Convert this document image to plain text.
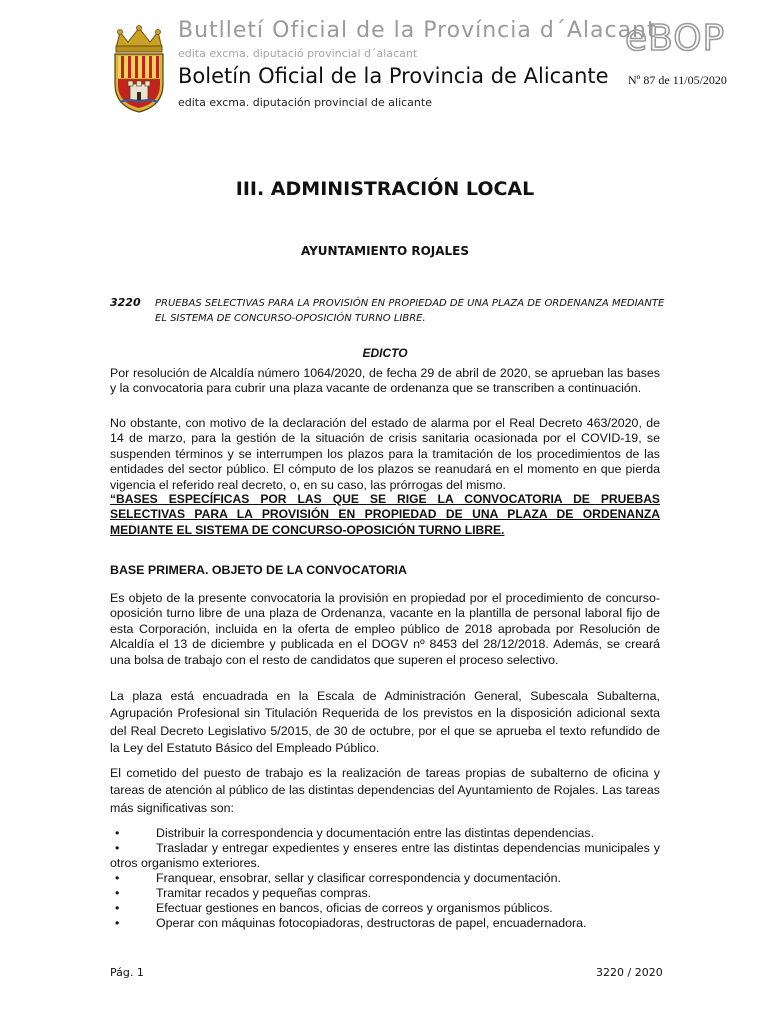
Butlletí Oficial de la Província d´Alacant
edita excma. diputació provincial d´alacant
Boletín Oficial de la Provincia de Alicante
edita excma. diputación provincial de alicante
eBOP
Nº 87 de 11/05/2020
III. ADMINISTRACIÓN LOCAL
AYUNTAMIENTO ROJALES
3220 PRUEBAS SELECTIVAS PARA LA PROVISIÓN EN PROPIEDAD DE UNA PLAZA DE ORDENANZA MEDIANTE EL SISTEMA DE CONCURSO-OPOSICIÓN TURNO LIBRE.
EDICTO
Por resolución de Alcaldía número 1064/2020, de fecha 29 de abril de 2020, se aprueban las bases y la convocatoria para cubrir una plaza vacante de ordenanza que se transcriben a continuación.
No obstante, con motivo de la declaración del estado de alarma por el Real Decreto 463/2020, de 14 de marzo, para la gestión de la situación de crisis sanitaria ocasionada por el COVID-19, se suspenden términos y se interrumpen los plazos para la tramitación de los procedimientos de las entidades del sector público. El cómputo de los plazos se reanudará en el momento en que pierda vigencia el referido real decreto, o, en su caso, las prórrogas del mismo.
“BASES ESPECÍFICAS POR LAS QUE SE RIGE LA CONVOCATORIA DE PRUEBAS SELECTIVAS PARA LA PROVISIÓN EN PROPIEDAD DE UNA PLAZA DE ORDENANZA MEDIANTE EL SISTEMA DE CONCURSO-OPOSICIÓN TURNO LIBRE.
BASE PRIMERA. OBJETO DE LA CONVOCATORIA
Es objeto de la presente convocatoria la provisión en propiedad por el procedimiento de concurso-oposición turno libre de una plaza de Ordenanza, vacante en la plantilla de personal laboral fijo de esta Corporación, incluida en la oferta de empleo público de 2018 aprobada por Resolución de Alcaldía el 13 de diciembre y publicada en el DOGV nº 8453 del 28/12/2018. Además, se creará una bolsa de trabajo con el resto de candidatos que superen el proceso selectivo.
La plaza está encuadrada en la Escala de Administración General, Subescala Subalterna, Agrupación Profesional sin Titulación Requerida de los previstos en la disposición adicional sexta del Real Decreto Legislativo 5/2015, de 30 de octubre, por el que se aprueba el texto refundido de la Ley del Estatuto Básico del Empleado Público.
El cometido del puesto de trabajo es la realización de tareas propias de subalterno de oficina y tareas de atención al público de las distintas dependencias del Ayuntamiento de Rojales. Las tareas más significativas son:
•	Distribuir la correspondencia y documentación entre las distintas dependencias.
•	Trasladar y entregar expedientes y enseres entre las distintas dependencias municipales y otros organismo exteriores.
•	Franquear, ensobrar, sellar y clasificar correspondencia y documentación.
•	Tramitar recados y pequeñas compras.
•	Efectuar gestiones en bancos, oficias de correos y organismos públicos.
•	Operar con máquinas fotocopiadoras, destructoras de papel, encuadernadora.
Pág. 1	3220 / 2020
